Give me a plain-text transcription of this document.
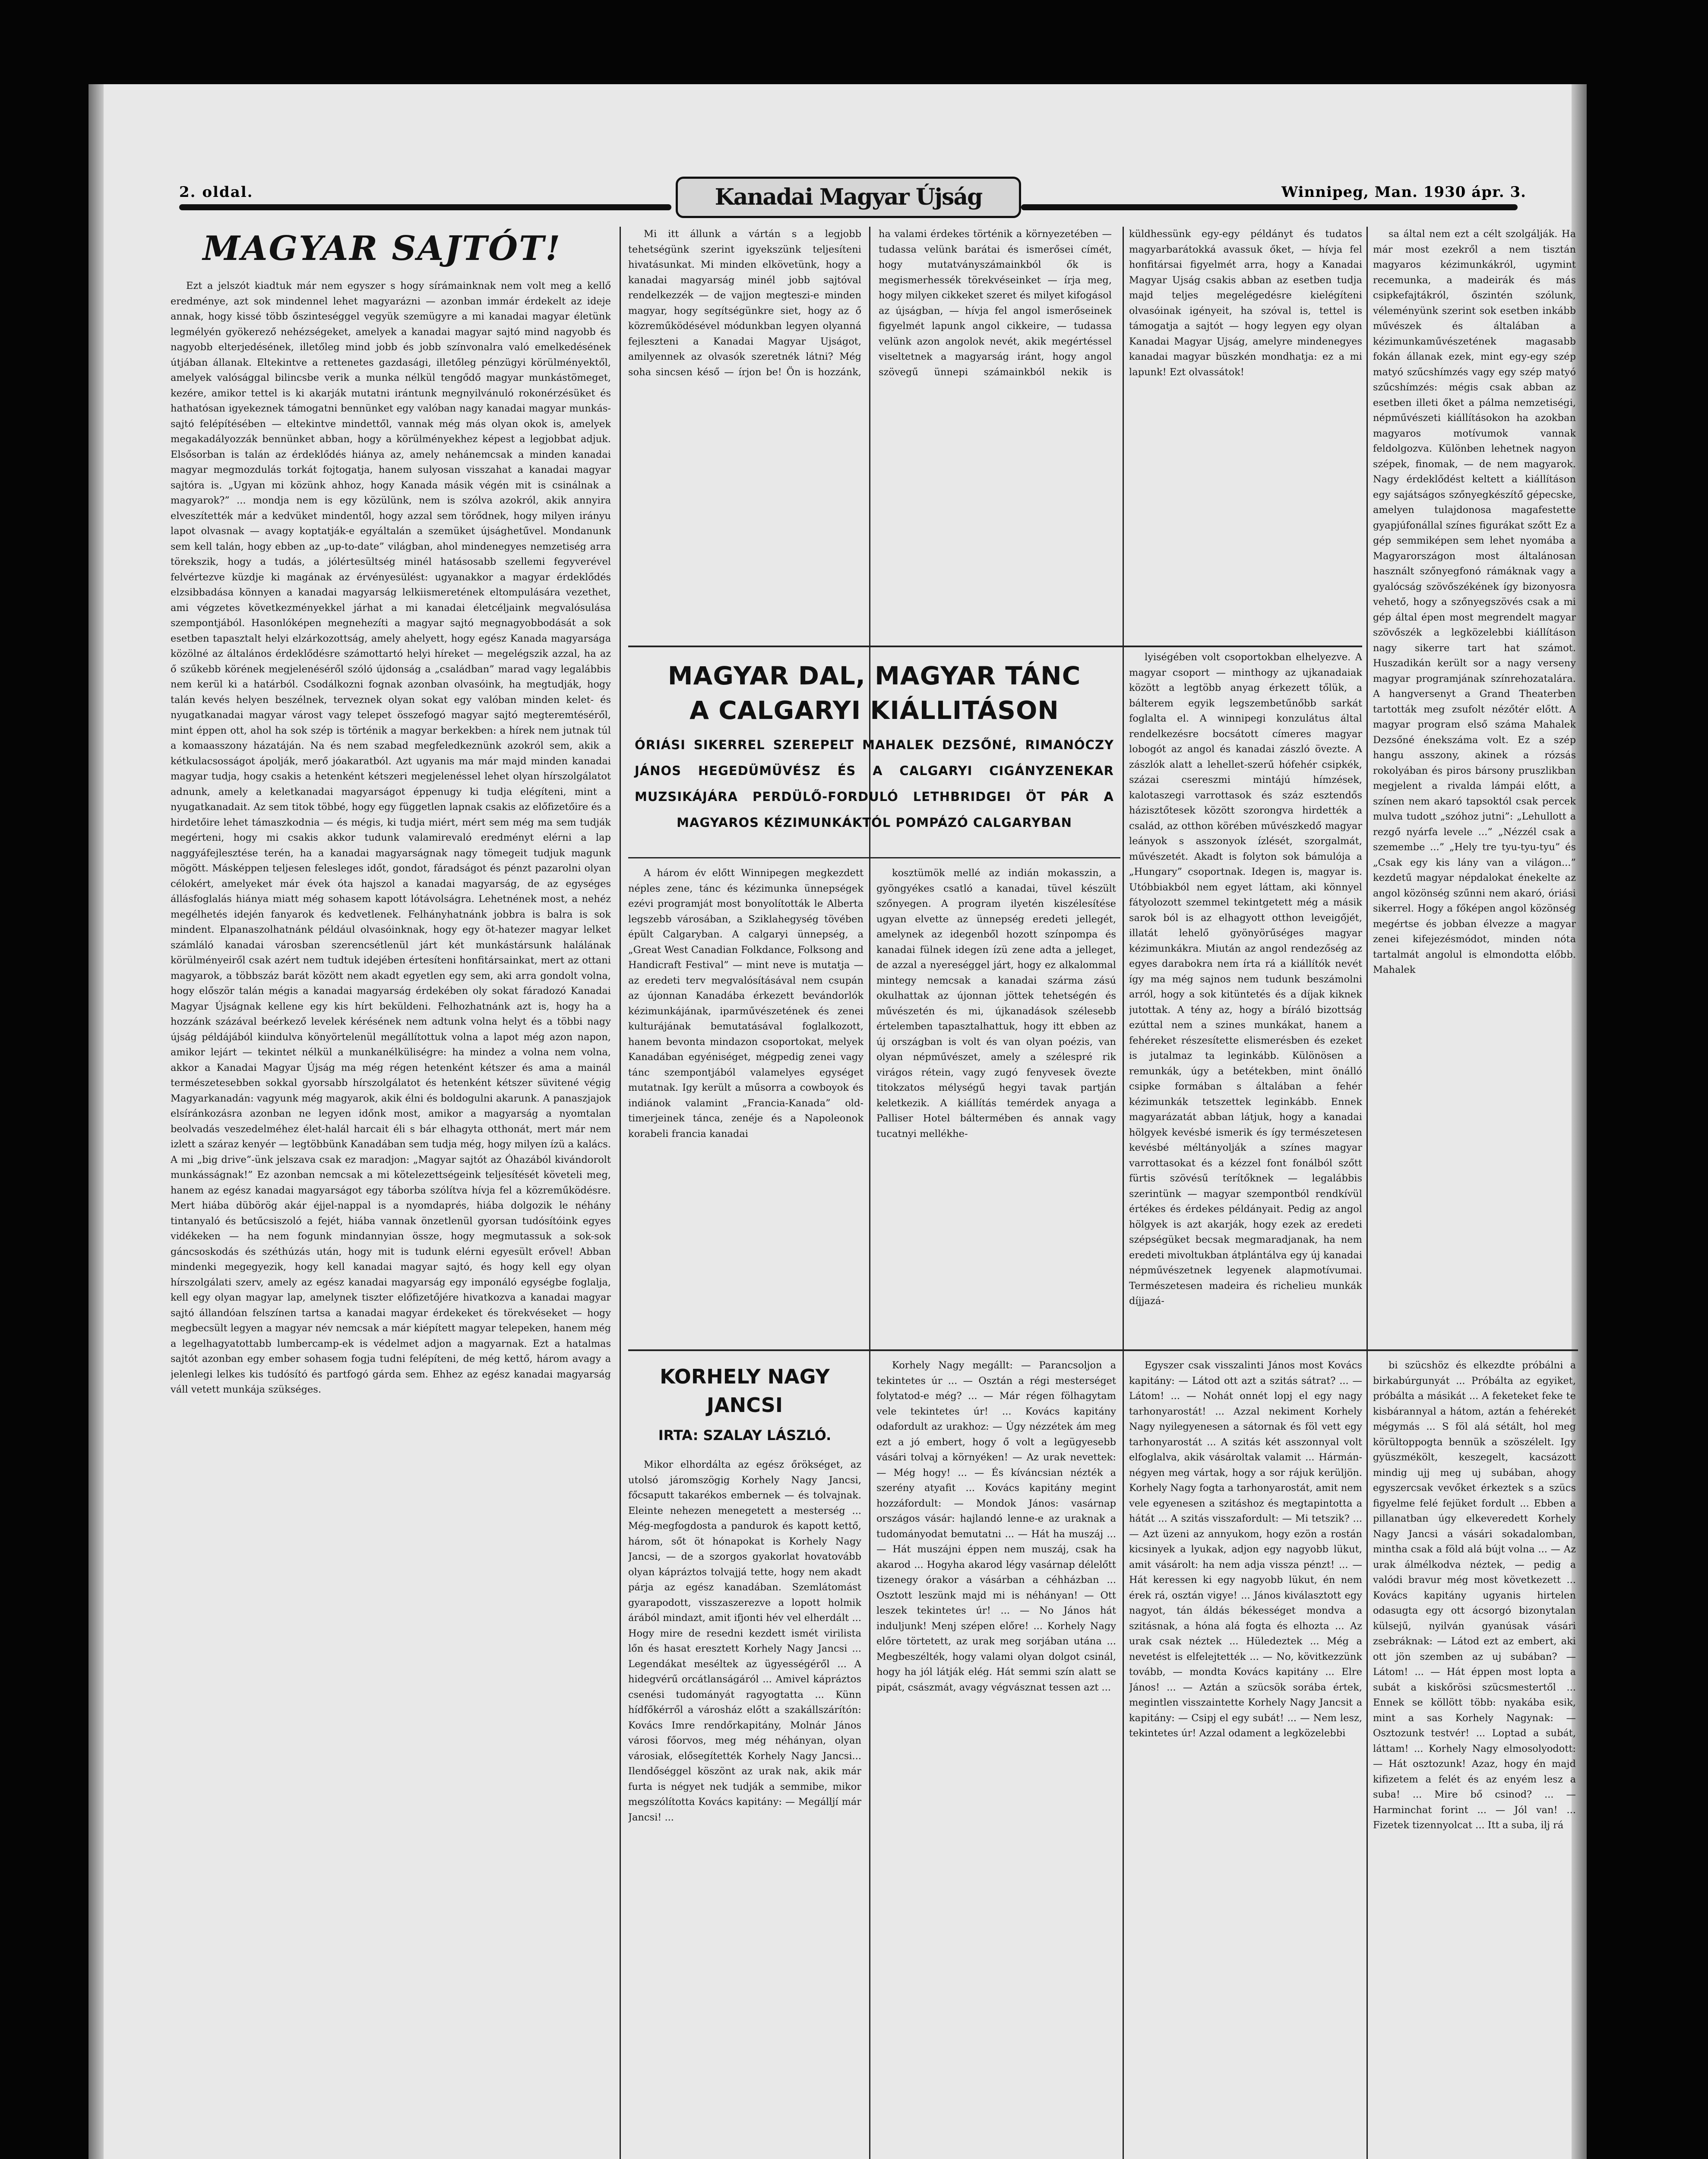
2. oldal.	Kanadai Magyar Újság	Winnipeg, Man. 1930 ápr. 3.
MAGYAR SAJTÓT!

Ezt a jelszót kiadtuk már nem egyszer s hogy sírámainknak nem volt meg a kellő eredménye, azt sok mindennel lehet magyarázni — azonban immár érdekelt az ideje annak, hogy kissé több őszinteséggel vegyük szemügyre a mi kanadai magyar életünk legmélyén gyökerező nehézségeket, amelyek a kanadai magyar sajtó mind nagyobb és nagyobb elterjedésének, illetőleg mind jobb és jobb színvonalra való emelkedésének útjában állanak. Eltekintve a rettenetes gazdasági, illetőleg pénzügyi körülményektől, amelyek valósággal bilincsbe verik a munka nélkül tengődő magyar munkástömeget, kezére, amikor tettel is ki akarják mutatni irántunk megnyilvánuló rokonérzésüket és hathatósan igyekeznek támogatni bennünket egy valóban nagy kanadai magyar munkás-sajtó felépítésében — eltekintve mindettől, vannak még más olyan okok is, amelyek megakadályozzák bennünket abban, hogy a körülményekhez képest a legjobbat adjuk. Elsősorban is talán az érdeklődés hiánya az, amely nehánemcsak a minden kanadai magyar megmozdulás torkát fojtogatja, hanem sulyosan visszahat a kanadai magyar sajtóra is. „Ugyan mi közünk ahhoz, hogy Kanada másik végén mit is csinálnak a magyarok?” ... mondja nem is egy közülünk, nem is szólva azokról, akik annyira elveszítették már a kedvüket mindentől, hogy azzal sem törődnek, hogy milyen irányu lapot olvasnak — avagy koptatják-e egyáltalán a szemüket újsághetűvel. Mondanunk sem kell talán, hogy ebben az „up-to-date” világban, ahol mindenegyes nemzetiség arra törekszik, hogy a tudás, a jólértesültség minél hatásosabb szellemi fegyverével felvértezve küzdje ki magának az érvényesülést: ugyanakkor a magyar érdeklődés elzsibbadása könnyen a kanadai magyarság lelkiismeretének eltompulására vezethet, ami végzetes következményekkel járhat a mi kanadai életcéljaink megvalósulása szempontjából. Hasonlóképen megnehezíti a magyar sajtó megnagyobbodását a sok esetben tapasztalt helyi elzárkozottság, amely ahelyett, hogy egész Kanada magyarsága közölné az általános érdeklődésre számottartó helyi híreket — megelégszik azzal, ha az ő szűkebb körének megjelenéséről szóló újdonság a „családban” marad vagy legalábbis nem kerül ki a határból. Csodálkozni fognak azonban olvasóink, ha megtudják, hogy talán kevés helyen beszélnek, terveznek olyan sokat egy valóban minden kelet- és nyugatkanadai magyar várost vagy telepet összefogó magyar sajtó megteremtéséről, mint éppen ott, ahol ha sok szép is történik a magyar berkekben: a hírek nem jutnak túl a komaasszony házatáján. Na és nem szabad megfeledkeznünk azokról sem, akik a kétkulacsosságot ápolják, merő jóakaratból. Azt ugyanis ma már majd minden kanadai magyar tudja, hogy csakis a hetenként kétszeri megjelenéssel lehet olyan hírszolgálatot adnunk, amely a keletkanadai magyarságot éppenugy ki tudja elégíteni, mint a nyugatkanadait. Az sem titok többé, hogy egy független lapnak csakis az előfizetőire és a hirdetőire lehet támaszkodnia — és mégis, ki tudja miért, mért sem még ma sem tudják megérteni, hogy mi csakis akkor tudunk valamirevaló eredményt elérni a lap naggyáfejlesztése terén, ha a kanadai magyarságnak nagy tömegeit tudjuk magunk mögött. Másképpen teljesen felesleges időt, gondot, fáradságot és pénzt pazarolni olyan célokért, amelyeket már évek óta hajszol a kanadai magyarság, de az egységes állásfoglalás hiánya miatt még sohasem kapott lótávolságra. Lehetnének most, a nehéz megélhetés idején fanyarok és kedvetlenek. Felhányhatnánk jobbra is balra is sok mindent. Elpanaszolhatnánk például olvasóinknak, hogy egy öt-hatezer magyar lelket számláló kanadai városban szerencsétlenül járt két munkástársunk halálának körülményeiről csak azért nem tudtuk idejében értesíteni honfitársainkat, mert az ottani magyarok, a többszáz barát között nem akadt egyetlen egy sem, aki arra gondolt volna, hogy először talán mégis a kanadai magyarság érdekében oly sokat fáradozó Kanadai Magyar Újságnak kellene egy kis hírt beküldeni. Felhozhatnánk azt is, hogy ha a hozzánk százával beérkező levelek kérésének nem adtunk volna helyt és a többi nagy újság példájából kiindulva könyörtelenül megállítottuk volna a lapot még azon napon, amikor lejárt — tekintet nélkül a munkanélküliségre: ha mindez a volna nem volna, akkor a Kanadai Magyar Újság ma még régen hetenként kétszer és ama a mainál természetesebben sokkal gyorsabb hírszolgálatot és hetenként kétszer süvitené végig Magyarkanadán: vagyunk még magyarok, akik élni és boldogulni akarunk. A panaszjajok elsíránkozásra azonban ne legyen időnk most, amikor a magyarság a nyomtalan beolvadás veszedelméhez élet-halál harcait éli s bár elhagyta otthonát, mert már nem izlett a száraz kenyér — legtöbbünk Kanadában sem tudja még, hogy milyen ízü a kalács. A mi „big drive”-ünk jelszava csak ez maradjon: „Magyar sajtót az Óhazából kivándorolt munkásságnak!” Ez azonban nemcsak a mi kötelezettségeink teljesítését követeli meg, hanem az egész kanadai magyarságot egy táborba szólítva hívja fel a közreműködésre. Mert hiába dübörög akár éjjel-nappal is a nyomdaprés, hiába dolgozik le néhány tintanyaló és betűcsiszoló a fejét, hiába vannak önzetlenül gyorsan tudósítóink egyes vidékeken — ha nem fogunk mindannyian össze, hogy megmutassuk a sok-sok gáncsoskodás és széthúzás után, hogy mit is tudunk elérni egyesült erővel! Abban mindenki megegyezik, hogy kell kanadai magyar sajtó, és hogy kell egy olyan hírszolgálati szerv, amely az egész kanadai magyarság egy imponáló egységbe foglalja, kell egy olyan magyar lap, amelynek tiszter előfizetőjére hivatkozva a kanadai magyar sajtó állandóan felszínen tartsa a kanadai magyar érdekeket és törekvéseket — hogy megbecsült legyen a magyar név nemcsak a már kiépített magyar telepeken, hanem még a legelhagyatottabb lumbercamp-ek is védelmet adjon a magyarnak. Ezt a hatalmas sajtót azonban egy ember sohasem fogja tudni felépíteni, de még kettő, három avagy a jelenlegi lelkes kis tudósító és partfogó gárda sem. Ehhez az egész kanadai magyarság váll vetett munkája szükséges.

Mi itt állunk a vártán s a legjobb tehetségünk szerint igyekszünk teljesíteni hivatásunkat. Mi minden elkövetünk, hogy a kanadai magyarság minél jobb sajtóval rendelkezzék — de vajjon megteszi-e minden magyar, hogy segítségünkre siet, hogy az ő közreműködésével módunkban legyen olyanná fejleszteni a Kanadai Magyar Ujságot, amilyennek az olvasók szeretnék látni? Még soha sincsen késő — írjon be! Ön is hozzánk, ha valami érdekes történik a környezetében — tudassa velünk barátai és ismerősei címét, hogy mutatványszámainkból ők is megismerhessék törekvéseinket — írja meg, hogy milyen cikkeket szeret és milyet kifogásol az újságban, — hívja fel angol ismerőseinek figyelmét lapunk angol cikkeire, — tudassa velünk azon angolok nevét, akik megértéssel viseltetnek a magyarság iránt, hogy angol szövegű ünnepi számainkból nekik is küldhessünk egy-egy példányt és tudatos magyarbarátokká avassuk őket, — hívja fel honfitársai figyelmét arra, hogy a Kanadai Magyar Ujság csakis abban az esetben tudja majd teljes megelégedésre kielégíteni olvasóinak igényeit, ha szóval is, tettel is támogatja a sajtót — hogy legyen egy olyan Kanadai Magyar Ujság, amelyre mindenegyes kanadai magyar büszkén mondhatja: ez a mi lapunk! Ezt olvassátok!

MAGYAR DAL, MAGYAR TÁNC
A CALGARYI KIÁLLITÁSON
ÓRIÁSI SIKERREL SZEREPELT MAHALEK DEZSŐNÉ, RIMANÓCZY JÁNOS HEGEDÜMÜVÉSZ ÉS A CALGARYI CIGÁNYZENEKAR MUZSIKÁJÁRA PERDÜLŐ-FORDULÓ LETHBRIDGEI ÖT PÁR A MAGYAROS KÉZIMUNKÁKTÓL POMPÁZÓ CALGARYBAN

A három év előtt Winnipegen megkezdett néples zene, tánc és kézimunka ünnepségek ezévi programját most bonyolították le Alberta legszebb városában, a Sziklahegység tövében épült Calgaryban. A calgaryi ünnepség, a „Great West Canadian Folkdance, Folksong and Handicraft Festival” — mint neve is mutatja — az eredeti terv megvalósításával nem csupán az újonnan Kanadába érkezett bevándorlók kézimunkájának, iparművészetének és zenei kulturájának bemutatásával foglalkozott, hanem bevonta mindazon csoportokat, melyek Kanadában egyéniséget, mégpedig zenei vagy tánc szempontjából valamelyes egységet mutatnak. Igy került a műsorra a cowboyok és indiánok valamint „Francia-Kanada” old-timerjeinek tánca, zenéje és a Napoleonok korabeli francia kanadai

kosztümök mellé az indián mokasszin, a gyöngyékes csatló a kanadai, tüvel készült szőnyegen. A program ilyetén kiszélesítése ugyan elvette az ünnepség eredeti jellegét, amelynek az idegenből hozott színpompa és kanadai fülnek idegen ízü zene adta a jelleget, de azzal a nyereséggel járt, hogy ez alkalommal mintegy nemcsak a kanadai szárma zású okulhattak az újonnan jöttek tehetségén és művészetén és mi, újkanadások szélesebb értelemben tapasztalhattuk, hogy itt ebben az új országban is volt és van olyan poézis, van olyan népművészet, amely a szélespré rik virágos rétein, vagy zugó fenyvesek övezte titokzatos mélységű hegyi tavak partján keletkezik. A kiállítás temérdek anyaga a Palliser Hotel báltermében és annak vagy tucatnyi mellékhe-

lyiségében volt csoportokban elhelyezve. A magyar csoport — minthogy az ujkanadaiak között a legtöbb anyag érkezett tőlük, a bálterem egyik legszembetűnőbb sarkát foglalta el. A winnipegi konzulátus által rendelkezésre bocsátott címeres magyar lobogót az angol és kanadai zászló övezte. A zászlók alatt a lehellet-szerű hófehér csipkék, százai csereszmi mintájú hímzések, kalotaszegi varrottasok és száz esztendős házisztőtesek között szorongva hirdették a család, az otthon körében művészkedő magyar leányok s asszonyok ízlését, szorgalmát, művészetét. Akadt is folyton sok bámulója a „Hungary” csoportnak. Idegen is, magyar is. Utóbbiakból nem egyet láttam, aki könnyel fátyolozott szemmel tekintgetett még a másik sarok ból is az elhagyott otthon leveigőjét, illatát lehelő gyönyörűséges magyar kézimunkákra. Miután az angol rendezőség az egyes darabokra nem írta rá a kiállítók nevét így ma még sajnos nem tudunk beszámolni arról, hogy a sok kitüntetés és a díjak kiknek jutottak. A tény az, hogy a bíráló bizottság ezúttal nem a szines munkákat, hanem a fehéreket részesítette elismerésben és ezeket is jutalmaz ta leginkább. Különösen a remunkák, úgy a betétekben, mint önálló csipke formában s általában a fehér kézimunkák tetszettek leginkább. Ennek magyarázatát abban látjuk, hogy a kanadai hölgyek kevésbé ismerik és így természetesen kevésbé méltányolják a színes magyar varrottasokat és a kézzel font fonálból szőtt fürtis szövésű terítőknek — legalábbis szerintünk — magyar szempontból rendkívül értékes és érdekes példányait. Pedig az angol hölgyek is azt akarják, hogy ezek az eredeti szépségüket becsak megmaradjanak, ha nem eredeti mivoltukban átplántálva egy új kanadai népművészetnek legyenek alapmotívumai. Természetesen madeira és richelieu munkák díjjazá-

sa által nem ezt a célt szolgálják. Ha már most ezekről a nem tisztán magyaros kézimunkákról, ugymint recemunka, a madeirák és más csipkefajtákról, őszintén szólunk, véleményünk szerint sok esetben inkább művészek és általában a kézimunkaművészetének magasabb fokán állanak ezek, mint egy-egy szép matyó szűcshímzés vagy egy szép matyó szűcshímzés: mégis csak abban az esetben illeti őket a pálma nemzetiségi, népművészeti kiállításokon ha azokban magyaros motívumok vannak feldolgozva. Különben lehetnek nagyon szépek, finomak, — de nem magyarok. Nagy érdeklődést keltett a kiállításon egy sajátságos szőnyegkészítő gépecske, amelyen tulajdonosa magafestette gyapjúfonállal színes figurákat szőtt Ez a gép semmiképen sem lehet nyomába a Magyarországon most általánosan használt szőnyegfonó rámáknak vagy a gyalócság szövőszékének így bizonyosra vehető, hogy a szőnyegszövés csak a mi gép által épen most megrendelt magyar szövőszék a legközelebbi kiállításon nagy sikerre tart hat számot. Huszadikán került sor a nagy verseny magyar programjának színrehozatalára. A hangversenyt a Grand Theaterben tartották meg zsufolt nézőtér előtt. A magyar program első száma Mahalek Dezsőné énekszáma volt. Ez a szép hangu asszony, akinek a rózsás rokolyában és piros bársony pruszlikban megjelent a rivalda lámpái előtt, a színen nem akaró tapsoktól csak percek mulva tudott „szóhoz jutni”: „Lehullott a rezgő nyárfa levele ...” „Nézzél csak a szemembe ...” „Hely tre tyu-tyu-tyu” és „Csak egy kis lány van a világon...” kezdetű magyar népdalokat énekelte az angol közönség szűnni nem akaró, óriási sikerrel. Hogy a főképen angol közönség megértse és jobban élvezze a magyar zenei kifejezésmódot, minden nóta tartalmát angolul is elmondotta előbb. Mahalek

KORHELY NAGY
JANCSI
IRTA: SZALAY LÁSZLÓ.

Mikor elhordálta az egész őrökséget, az utolsó járomszögig Korhely Nagy Jancsi, főcsaputt takarékos embernek — és tolvajnak. Eleinte nehezen menegetett a mesterség ... Még-megfogdosta a pandurok és kapott kettő, három, sőt öt hónapokat is Korhely Nagy Jancsi, — de a szorgos gyakorlat hovatovább olyan kápráztos tolvajjá tette, hogy nem akadt párja az egész kanadában. Szemlátomást gyarapodott, visszaszerezve a lopott holmik árából mindazt, amit ifjonti hév vel elherdált ... Hogy mire de resedni kezdett ismét virilista lőn és hasat eresztett Korhely Nagy Jancsi ... Legendákat meséltek az ügyességéről ... A hidegvérű orcátlanságáról ... Amivel kápráztos csenési tudományát ragyogtatta ... Künn hídfőkérről a városház előtt a szakállszárítón: Kovács Imre rendőrkapitány, Molnár János városi főorvos, meg még néhányan, olyan városiak, elősegítették Korhely Nagy Jancsi... Ilendőséggel köszönt az urak nak, akik már furta is négyet nek tudják a semmibe, mikor megszólította Kovács kapitány: — Megálljí már Jancsi! ...

Korhely Nagy megállt: — Parancsoljon a tekintetes úr ... — Osztán a régi mesterséget folytatod-e még? ... — Már régen fölhagytam vele tekintetes úr! ... Kovács kapitány odafordult az urakhoz: — Úgy nézzétek ám meg ezt a jó embert, hogy ő volt a legügyesebb vásári tolvaj a környéken! — Az urak nevettek: — Még hogy! ... — És kíváncsian nézték a szerény atyafit ... Kovács kapitány megint hozzáfordult: — Mondok János: vasárnap országos vásár: hajlandó lenne-e az uraknak a tudományodat bemutatni ... — Hát ha muszáj ... — Hát muszájni éppen nem muszáj, csak ha akarod ... Hogyha akarod légy vasárnap délelőtt tizenegy órakor a vásárban a céhházban ... Osztott leszünk majd mi is néhányan! — Ott leszek tekintetes úr! ... — No János hát induljunk! Menj szépen előre! ... Korhely Nagy előre törtetett, az urak meg sorjában utána ... Megbeszélték, hogy valami olyan dolgot csinál, hogy ha jól látják elég. Hát semmi szín alatt se pipát, császmát, avagy végvásznat tessen azt ...

Egyszer csak visszalinti János most Kovács kapitány: — Látod ott azt a szitás sátrat? ... — Látom! ... — Nohát onnét lopj el egy nagy tarhonyarostát! ... Azzal nekiment Korhely Nagy nyilegyenesen a sátornak és föl vett egy tarhonyarostát ... A szitás két asszonnyal volt elfoglalva, akik vásároltak valamit ... Hármán-négyen meg vártak, hogy a sor rájuk kerüljön. Korhely Nagy fogta a tarhonyarostát, amit nem vele egyenesen a szitáshoz és megtapintotta a hátát ... A szitás visszafordult: — Mi tetszik? ... — Azt üzeni az annyukom, hogy ezön a rostán kicsinyek a lyukak, adjon egy nagyobb lükut, amit vásárolt: ha nem adja vissza pénzt! ... — Hát keressen ki egy nagyobb lükut, én nem érek rá, osztán vigye! ... János kiválasztott egy nagyot, tán áldás békességet mondva a szitásnak, a hóna alá fogta és elhozta ... Az urak csak néztek ... Hüledeztek ... Még a nevetést is elfelejtették ... — No, kövitkezzünk tovább, — mondta Kovács kapitány ... Elre János! ... — Aztán a szücsök sorába értek, megintlen visszaintette Korhely Nagy Jancsit a kapitány: — Csipj el egy subát! ... — Nem lesz, tekintetes úr! Azzal odament a legközelebbi

bi szücshöz és elkezdte próbálni a birkabúrgunyát ... Próbálta az egyiket, próbálta a másikát ... A feketeket feke te kisbárannyal a hátom, aztán a fehérekét mégymás ... S föl alá sétált, hol meg körültoppogta bennük a szöszélelt. Igy gyüszmékölt, keszegelt, kacsázott mindig ujj meg uj subában, ahogy egyszercsak vevőket érkeztek s a szücs figyelme felé fejüket fordult ... Ebben a pillanatban úgy elkeveredett Korhely Nagy Jancsi a vásári sokadalomban, mintha csak a föld alá bújt volna ... — Az urak álmélkodva néztek, — pedig a valódi bravur még most következett ... Kovács kapitány ugyanis hirtelen odasugta egy ott ácsorgó bizonytalan külsejű, nyilván gyanúsak vásári zsebráknak: — Látod ezt az embert, aki ott jön szemben az uj subában? — Látom! ... — Hát éppen most lopta a subát a kiskőrösi szücsmestertől ... Ennek se köllött több: nyakába esik, mint a sas Korhely Nagynak: — Osztozunk testvér! ... Loptad a subát, láttam! ... Korhely Nagy elmosolyodott: — Hát osztozunk! Azaz, hogy én majd kifizetem a felét és az enyém lesz a suba! ... Mire bő csinod? ... — Harminchat forint ... — Jól van! ... Fizetek tizennyolcat ... Itt a suba, ilj rá
